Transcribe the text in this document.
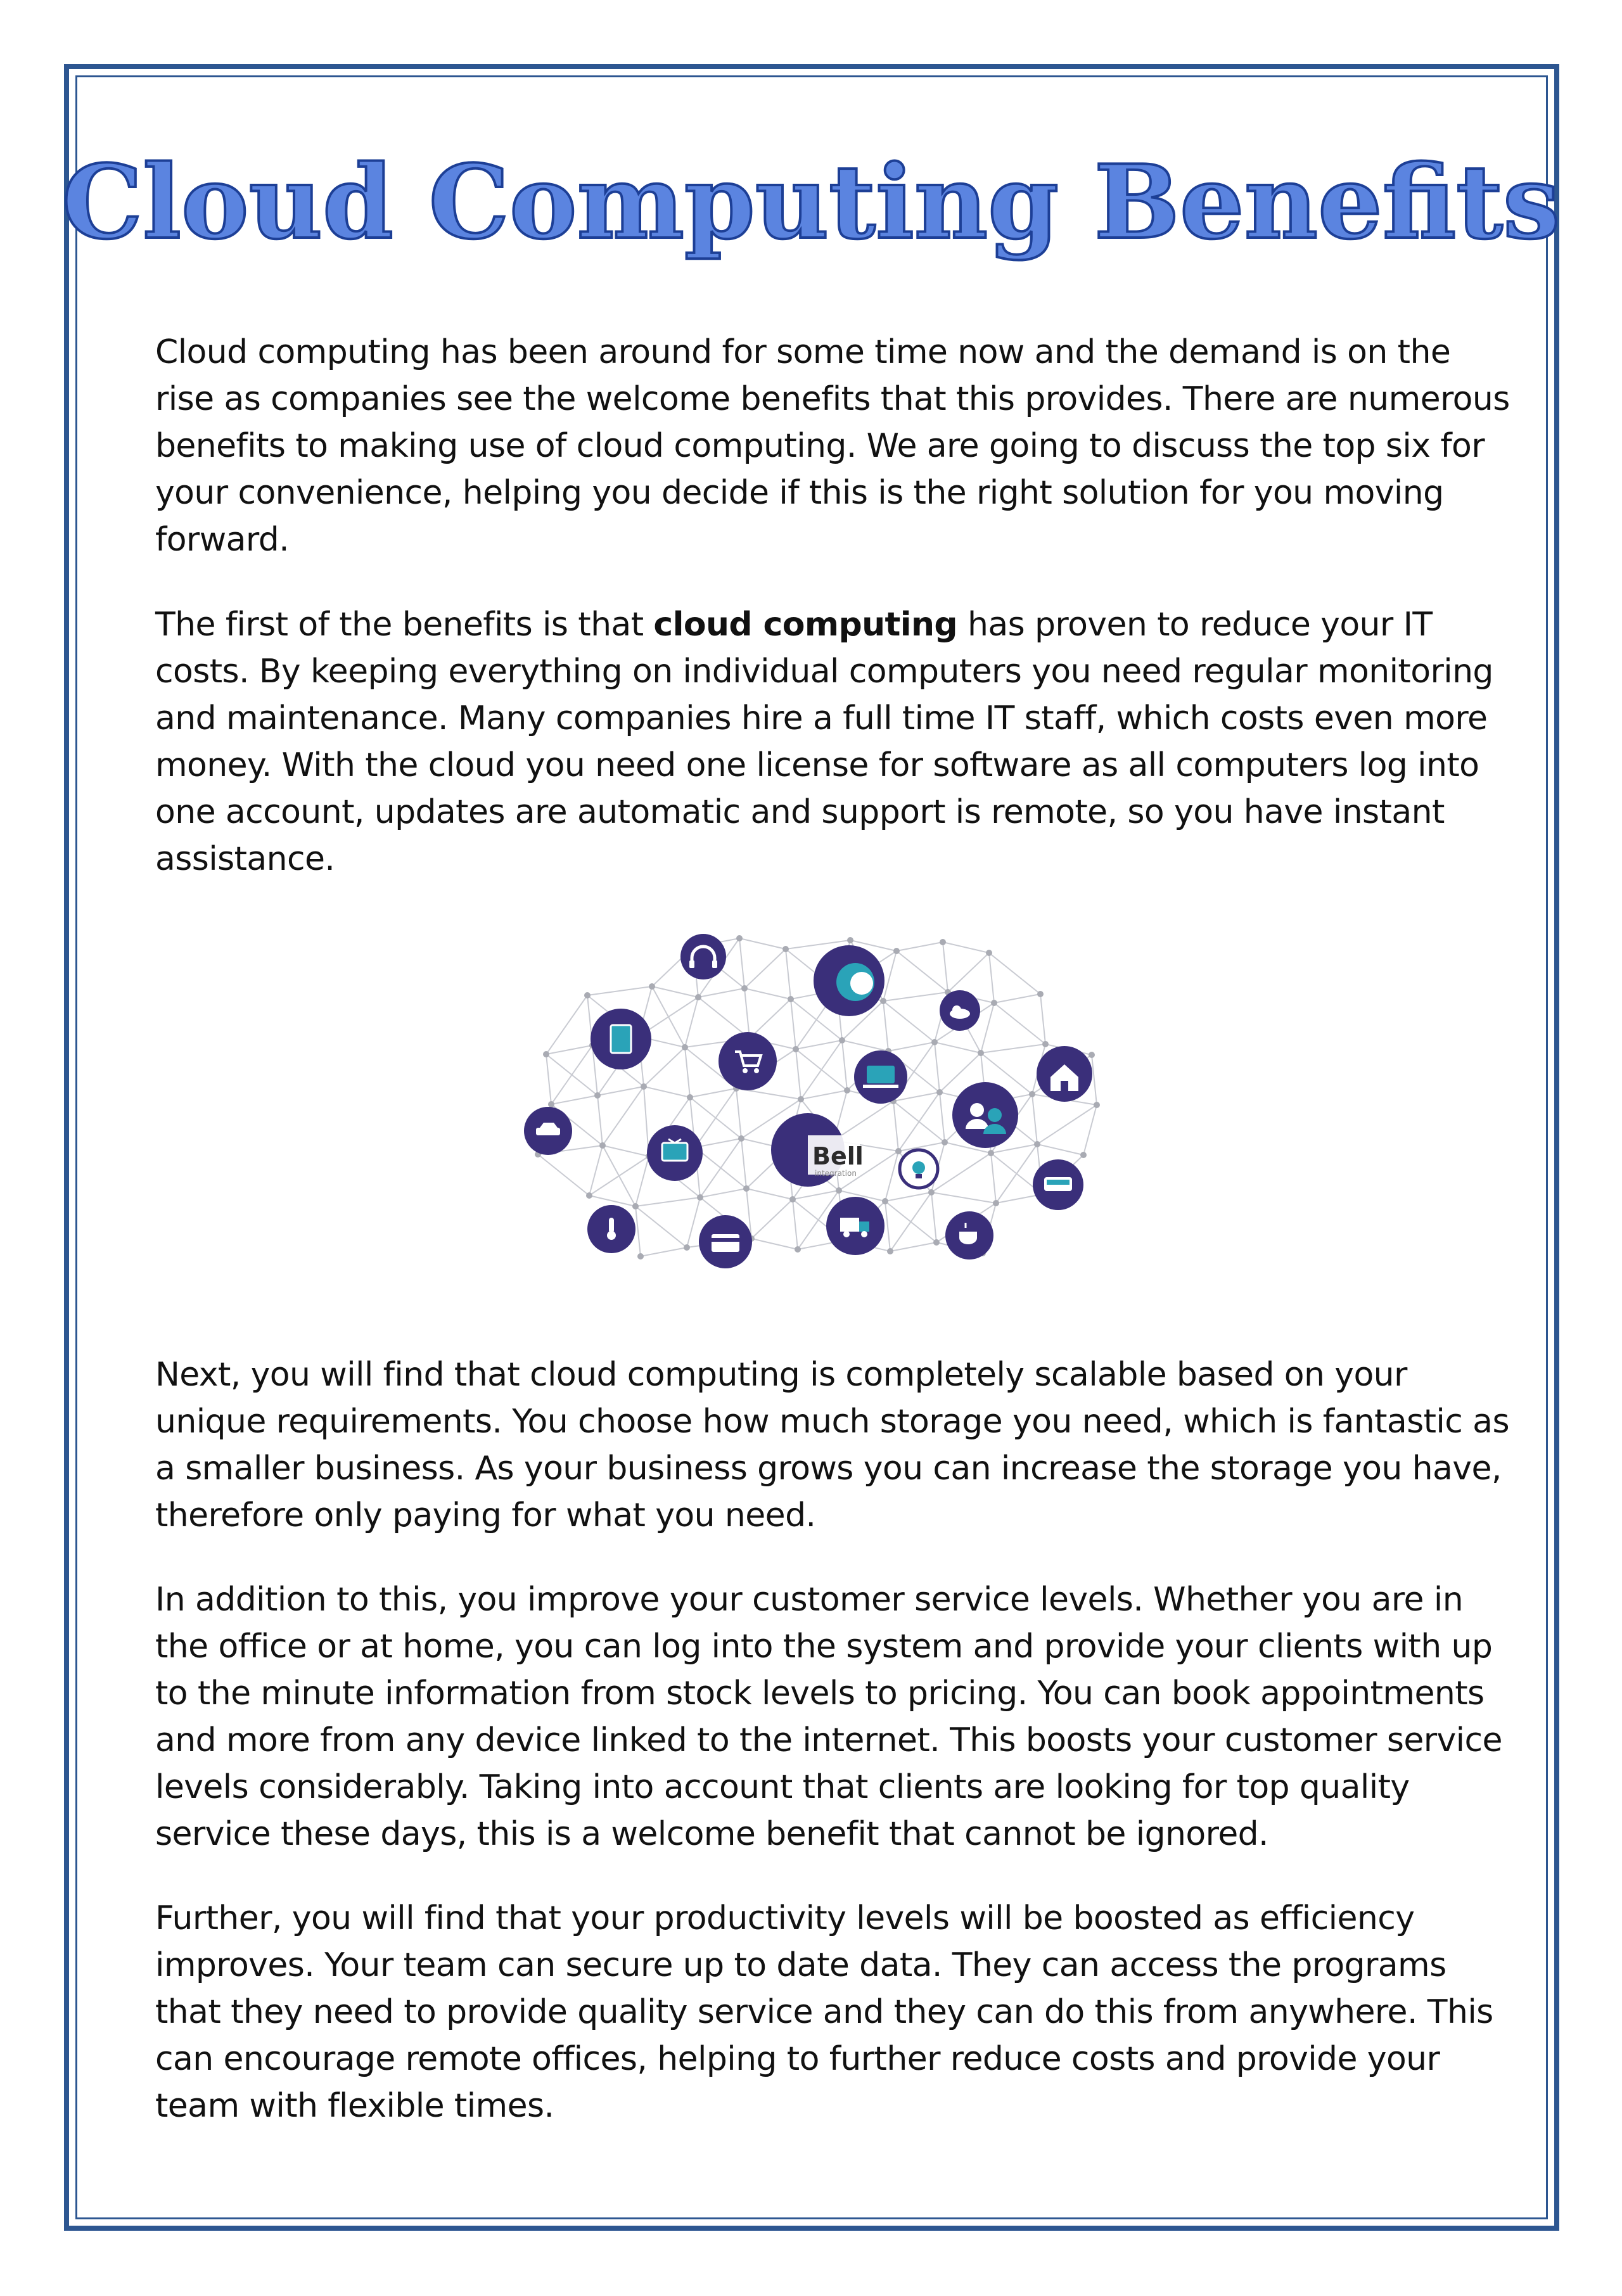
Cloud Computing Benefits

Cloud computing has been around for some time now and the demand is on the rise as companies see the welcome benefits that this provides. There are numerous benefits to making use of cloud computing. We are going to discuss the top six for your convenience, helping you decide if this is the right solution for you moving forward.

The first of the benefits is that cloud computing has proven to reduce your IT costs. By keeping everything on individual computers you need regular monitoring and maintenance. Many companies hire a full time IT staff, which costs even more money. With the cloud you need one license for software as all computers log into one account, updates are automatic and support is remote, so you have instant assistance.

Bell
integration

Next, you will find that cloud computing is completely scalable based on your unique requirements. You choose how much storage you need, which is fantastic as a smaller business. As your business grows you can increase the storage you have, therefore only paying for what you need.

In addition to this, you improve your customer service levels. Whether you are in the office or at home, you can log into the system and provide your clients with up to the minute information from stock levels to pricing. You can book appointments and more from any device linked to the internet. This boosts your customer service levels considerably. Taking into account that clients are looking for top quality service these days, this is a welcome benefit that cannot be ignored.

Further, you will find that your productivity levels will be boosted as efficiency improves. Your team can secure up to date data. They can access the programs that they need to provide quality service and they can do this from anywhere. This can encourage remote offices, helping to further reduce costs and provide your team with flexible times.
